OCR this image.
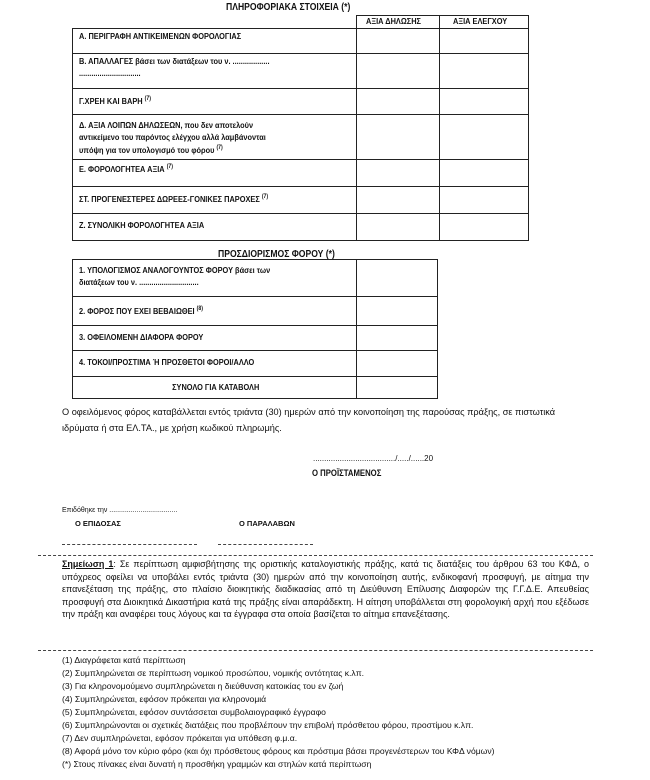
ΠΛΗΡΟΦΟΡΙΑΚΑ ΣΤΟΙΧΕΙΑ (*)
	ΑΞΙΑ ΔΗΛΩΣΗΣ	ΑΞΙΑ ΕΛΕΓΧΟΥ
Α. ΠΕΡΙΓΡΑΦΗ ΑΝΤΙΚΕΙΜΕΝΩΝ ΦΟΡΟΛΟΓΙΑΣ		
Β. ΑΠΑΛΛΑΓΕΣ βάσει των διατάξεων του ν. ..................
..............................		
Γ.ΧΡΕΗ ΚΑΙ ΒΑΡΗ $^{(7)}$		
Δ. ΑΞΙΑ ΛΟΙΠΩΝ ΔΗΛΩΣΕΩΝ, που δεν αποτελούν
αντικείμενο του παρόντος ελέγχου αλλά λαμβάνονται
υπόψη για τον υπολογισμό του φόρου $^{(7)}$		
Ε. ΦΟΡΟΛΟΓΗΤΕΑ ΑΞΙΑ $^{(7)}$		
ΣΤ. ΠΡΟΓΕΝΕΣΤΕΡΕΣ ΔΩΡΕΕΣ-ΓΟΝΙΚΕΣ ΠΑΡΟΧΕΣ $^{(7)}$		
Ζ. ΣΥΝΟΛΙΚΗ ΦΟΡΟΛΟΓΗΤΕΑ ΑΞΙΑ		
ΠΡΟΣΔΙΟΡΙΣΜΟΣ ΦΟΡΟΥ (*)
1. ΥΠΟΛΟΓΙΣΜΟΣ ΑΝΑΛΟΓΟΥΝΤΟΣ ΦΟΡΟΥ βάσει των
διατάξεων του ν. .............................	
2. ΦΟΡΟΣ ΠΟΥ ΕΧΕΙ ΒΕΒΑΙΩΘΕΙ $^{(8)}$	
3. ΟΦΕΙΛΟΜΕΝΗ ΔΙΑΦΟΡΑ ΦΟΡΟΥ	
4. ΤΟΚΟΙ/ΠΡΟΣΤΙΜΑ Ή ΠΡΟΣΘΕΤΟΙ ΦΟΡΟΙ/ΑΛΛΟ	
ΣΥΝΟΛΟ ΓΙΑ ΚΑΤΑΒΟΛΗ	
Ο οφειλόμενος φόρος καταβάλλεται εντός τριάντα (30) ημερών από την κοινοποίηση της παρούσας πράξης, σε πιστωτικά ιδρύματα ή στα ΕΛ.ΤΑ., με χρήση κωδικού πληρωμής.
...................................../...../......20
Ο ΠΡΟΪΣΤΑΜΕΝΟΣ
Επιδόθηκε την ...................................
Ο ΕΠΙΔΟΣΑΣ	Ο ΠΑΡΑΛΑΒΩΝ
Σημείωση 1: Σε περίπτωση αμφισβήτησης της οριστικής καταλογιστικής πράξης, κατά τις διατάξεις του άρθρου 63 του ΚΦΔ, ο υπόχρεος οφείλει να υποβάλει εντός τριάντα (30) ημερών από την κοινοποίηση αυτής, ενδικοφανή προσφυγή, με αίτημα την επανεξέταση της πράξης, στο πλαίσιο διοικητικής διαδικασίας από τη Διεύθυνση Επίλυσης Διαφορών της Γ.Γ.Δ.Ε. Απευθείας προσφυγή στα Διοικητικά Δικαστήρια κατά της πράξης είναι απαράδεκτη. Η αίτηση υποβάλλεται στη φορολογική αρχή που εξέδωσε την πράξη και αναφέρει τους λόγους και τα έγγραφα στα οποία βασίζεται το αίτημα επανεξέτασης.
(1) Διαγράφεται κατά περίπτωση
(2) Συμπληρώνεται σε περίπτωση νομικού προσώπου, νομικής οντότητας κ.λπ.
(3) Για κληρονομούμενο συμπληρώνεται η διεύθυνση κατοικίας του εν ζωή
(4) Συμπληρώνεται, εφόσον πρόκειται για κληρονομιά
(5) Συμπληρώνεται, εφόσον συντάσσεται συμβολαιογραφικό έγγραφο
(6) Συμπληρώνονται οι σχετικές διατάξεις που προβλέπουν την επιβολή πρόσθετου φόρου, προστίμου κ.λπ.
(7) Δεν συμπληρώνεται, εφόσον πρόκειται για υπόθεση φ.μ.α.
(8) Αφορά μόνο τον κύριο φόρο (και όχι πρόσθετους φόρους και πρόστιμα βάσει προγενέστερων του ΚΦΔ νόμων)
(*) Στους πίνακες είναι δυνατή η προσθήκη γραμμών και στηλών κατά περίπτωση
